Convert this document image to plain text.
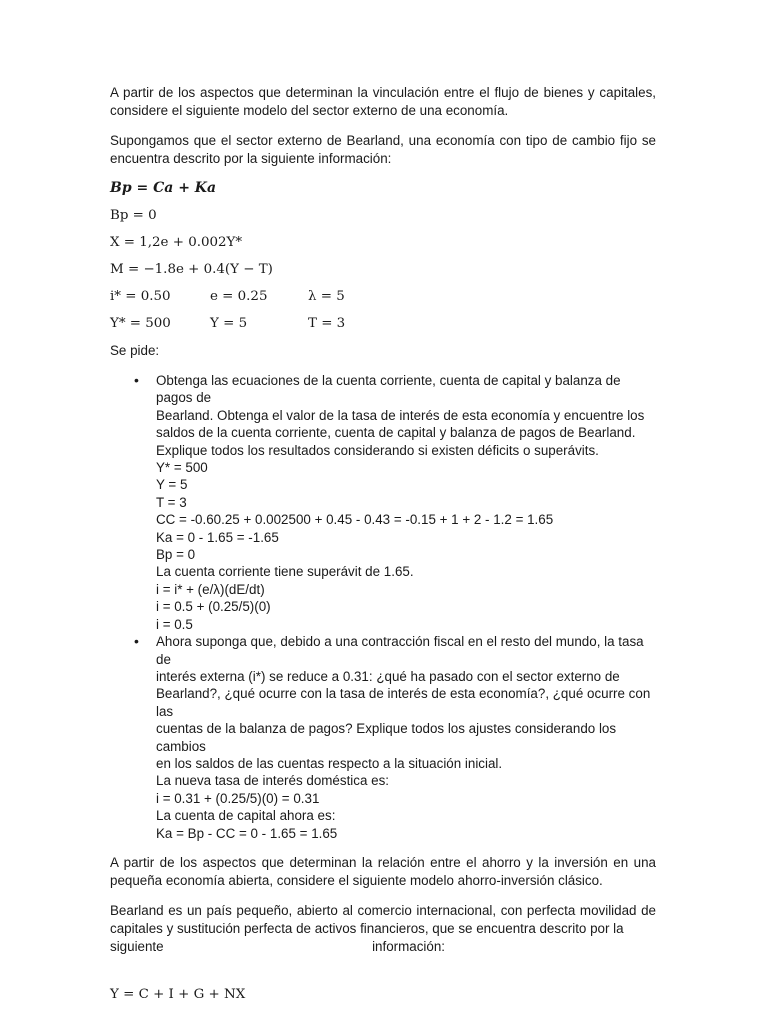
A partir de los aspectos que determinan la vinculación entre el flujo de bienes y capitales, considere el siguiente modelo del sector externo de una economía.

Supongamos que el sector externo de Bearland, una economía con tipo de cambio fijo se encuentra descrito por la siguiente información:

Bp = Ca + Ka
Bp = 0
X = 1,2e + 0.002Y*
M = −1.8e + 0.4(Y − T)
i* = 0.50	e = 0.25	λ = 5
Y* = 500	Y = 5	T = 3

Se pide:

• Obtenga las ecuaciones de la cuenta corriente, cuenta de capital y balanza de pagos de
Bearland. Obtenga el valor de la tasa de interés de esta economía y encuentre los
saldos de la cuenta corriente, cuenta de capital y balanza de pagos de Bearland.
Explique todos los resultados considerando si existen déficits o superávits.
Y* = 500
Y = 5
T = 3
CC = -0.60.25 + 0.002500 + 0.45 - 0.43 = -0.15 + 1 + 2 - 1.2 = 1.65
Ka = 0 - 1.65 = -1.65
Bp = 0
La cuenta corriente tiene superávit de 1.65.
i = i* + (e/λ)(dE/dt)
i = 0.5 + (0.25/5)(0)
i = 0.5
• Ahora suponga que, debido a una contracción fiscal en el resto del mundo, la tasa de
interés externa (i*) se reduce a 0.31: ¿qué ha pasado con el sector externo de
Bearland?, ¿qué ocurre con la tasa de interés de esta economía?, ¿qué ocurre con las
cuentas de la balanza de pagos? Explique todos los ajustes considerando los cambios
en los saldos de las cuentas respecto a la situación inicial.
La nueva tasa de interés doméstica es:
i = 0.31 + (0.25/5)(0) = 0.31
La cuenta de capital ahora es:
Ka = Bp - CC = 0 - 1.65 = 1.65

A partir de los aspectos que determinan la relación entre el ahorro y la inversión en una pequeña economía abierta, considere el siguiente modelo ahorro-inversión clásico.

Bearland es un país pequeño, abierto al comercio internacional, con perfecta movilidad de capitales y sustitución perfecta de activos financieros, que se encuentra descrito por la

siguiente	información:
Y = C + I + G + NX
